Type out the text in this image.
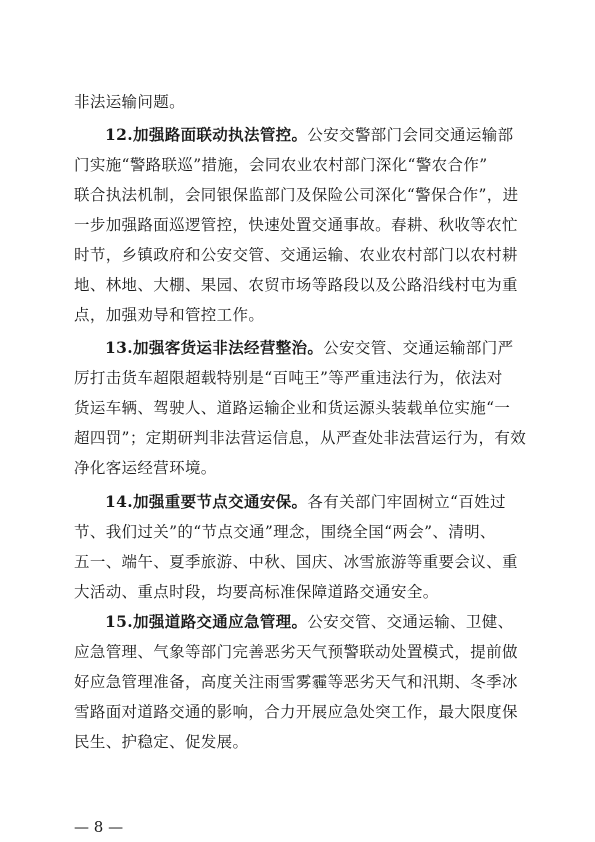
非法运输问题。
12.加强路面联动执法管控。公安交警部门会同交通运输部
门实施“警路联巡”措施，会同农业农村部门深化“警农合作”
联合执法机制，会同银保监部门及保险公司深化“警保合作”，进
一步加强路面巡逻管控，快速处置交通事故。春耕、秋收等农忙
时节，乡镇政府和公安交管、交通运输、农业农村部门以农村耕
地、林地、大棚、果园、农贸市场等路段以及公路沿线村屯为重
点，加强劝导和管控工作。
13.加强客货运非法经营整治。公安交管、交通运输部门严
厉打击货车超限超载特别是“百吨王”等严重违法行为，依法对
货运车辆、驾驶人、道路运输企业和货运源头装载单位实施“一
超四罚”；定期研判非法营运信息，从严查处非法营运行为，有效
净化客运经营环境。
14.加强重要节点交通安保。各有关部门牢固树立“百姓过
节、我们过关”的“节点交通”理念，围绕全国“两会”、清明、
五一、端午、夏季旅游、中秋、国庆、冰雪旅游等重要会议、重
大活动、重点时段，均要高标准保障道路交通安全。
15.加强道路交通应急管理。公安交管、交通运输、卫健、
应急管理、气象等部门完善恶劣天气预警联动处置模式，提前做
好应急管理准备，高度关注雨雪雾霾等恶劣天气和汛期、冬季冰
雪路面对道路交通的影响，合力开展应急处突工作，最大限度保
民生、护稳定、促发展。
— 8 —
